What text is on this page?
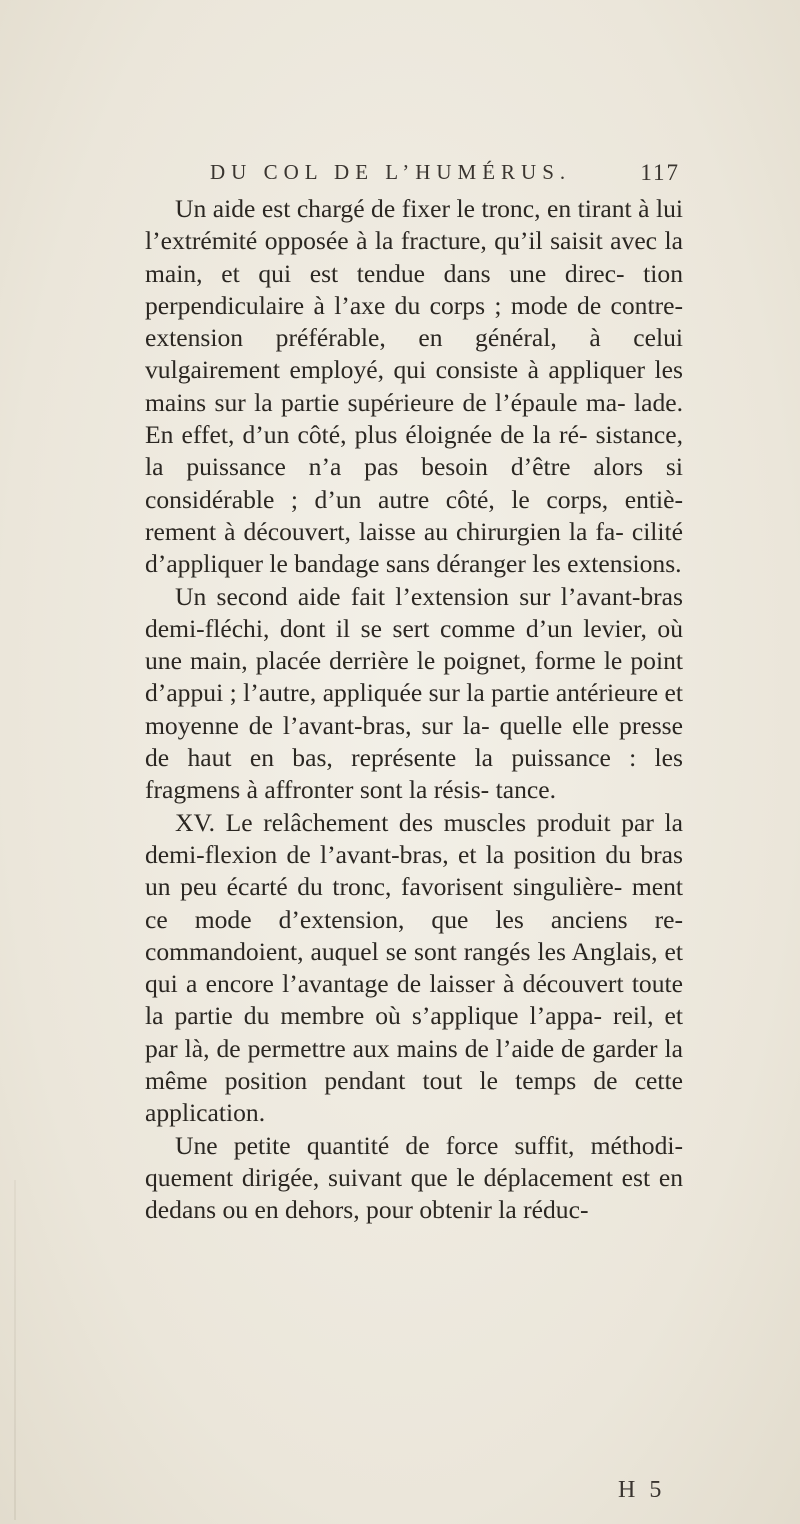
DU COL DE L’HUMÉRUS.	117

Un aide est chargé de fixer le tronc, en tirant à lui l’extrémité opposée à la fracture, qu’il saisit avec la main, et qui est tendue dans une direc- tion perpendiculaire à l’axe du corps ; mode de contre-extension préférable, en général, à celui vulgairement employé, qui consiste à appliquer les mains sur la partie supérieure de l’épaule ma- lade. En effet, d’un côté, plus éloignée de la ré- sistance, la puissance n’a pas besoin d’être alors si considérable ; d’un autre côté, le corps, entiè- rement à découvert, laisse au chirurgien la fa- cilité d’appliquer le bandage sans déranger les extensions.

Un second aide fait l’extension sur l’avant-bras demi-fléchi, dont il se sert comme d’un levier, où une main, placée derrière le poignet, forme le point d’appui ; l’autre, appliquée sur la partie antérieure et moyenne de l’avant-bras, sur la- quelle elle presse de haut en bas, représente la puissance : les fragmens à affronter sont la résis- tance.

XV. Le relâchement des muscles produit par la demi-flexion de l’avant-bras, et la position du bras un peu écarté du tronc, favorisent singulière- ment ce mode d’extension, que les anciens re- commandoient, auquel se sont rangés les Anglais, et qui a encore l’avantage de laisser à découvert toute la partie du membre où s’applique l’appa- reil, et par là, de permettre aux mains de l’aide de garder la même position pendant tout le temps de cette application.

Une petite quantité de force suffit, méthodi- quement dirigée, suivant que le déplacement est en dedans ou en dehors, pour obtenir la réduc-

H 5
